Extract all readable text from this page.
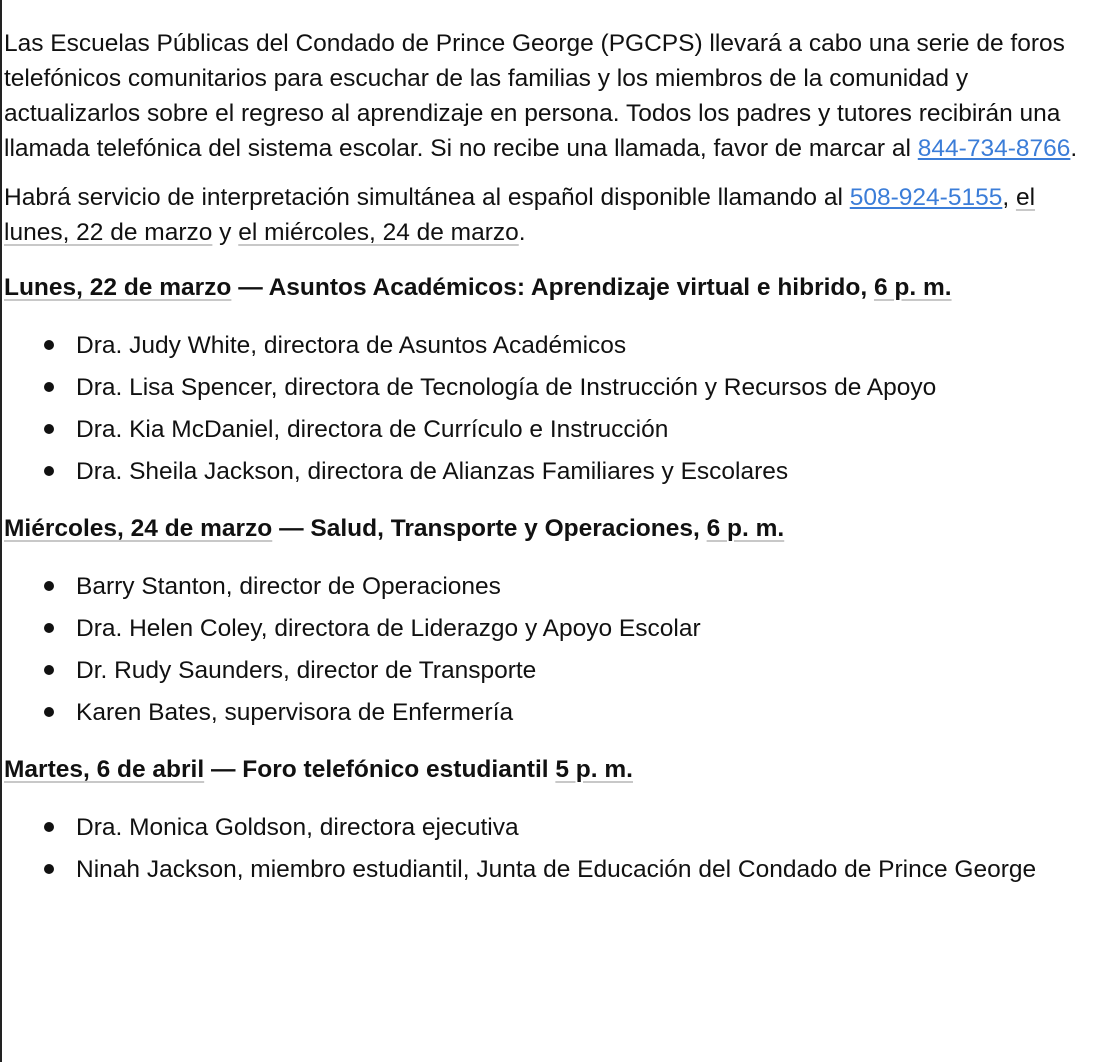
Las Escuelas Públicas del Condado de Prince George (PGCPS) llevará a cabo una serie de foros telefónicos comunitarios para escuchar de las familias y los miembros de la comunidad y actualizarlos sobre el regreso al aprendizaje en persona. Todos los padres y tutores recibirán una llamada telefónica del sistema escolar. Si no recibe una llamada, favor de marcar al 844-734-8766.

Habrá servicio de interpretación simultánea al español disponible llamando al 508-924-5155, el lunes, 22 de marzo y el miércoles, 24 de marzo.

Lunes, 22 de marzo — Asuntos Académicos: Aprendizaje virtual e hibrido, 6 p. m.

Dra. Judy White, directora de Asuntos Académicos
Dra. Lisa Spencer, directora de Tecnología de Instrucción y Recursos de Apoyo
Dra. Kia McDaniel, directora de Currículo e Instrucción
Dra. Sheila Jackson, directora de Alianzas Familiares y Escolares

Miércoles, 24 de marzo — Salud, Transporte y Operaciones, 6 p. m.

Barry Stanton, director de Operaciones
Dra. Helen Coley, directora de Liderazgo y Apoyo Escolar
Dr. Rudy Saunders, director de Transporte
Karen Bates, supervisora de Enfermería

Martes, 6 de abril — Foro telefónico estudiantil 5 p. m.

Dra. Monica Goldson, directora ejecutiva
Ninah Jackson, miembro estudiantil, Junta de Educación del Condado de Prince George
